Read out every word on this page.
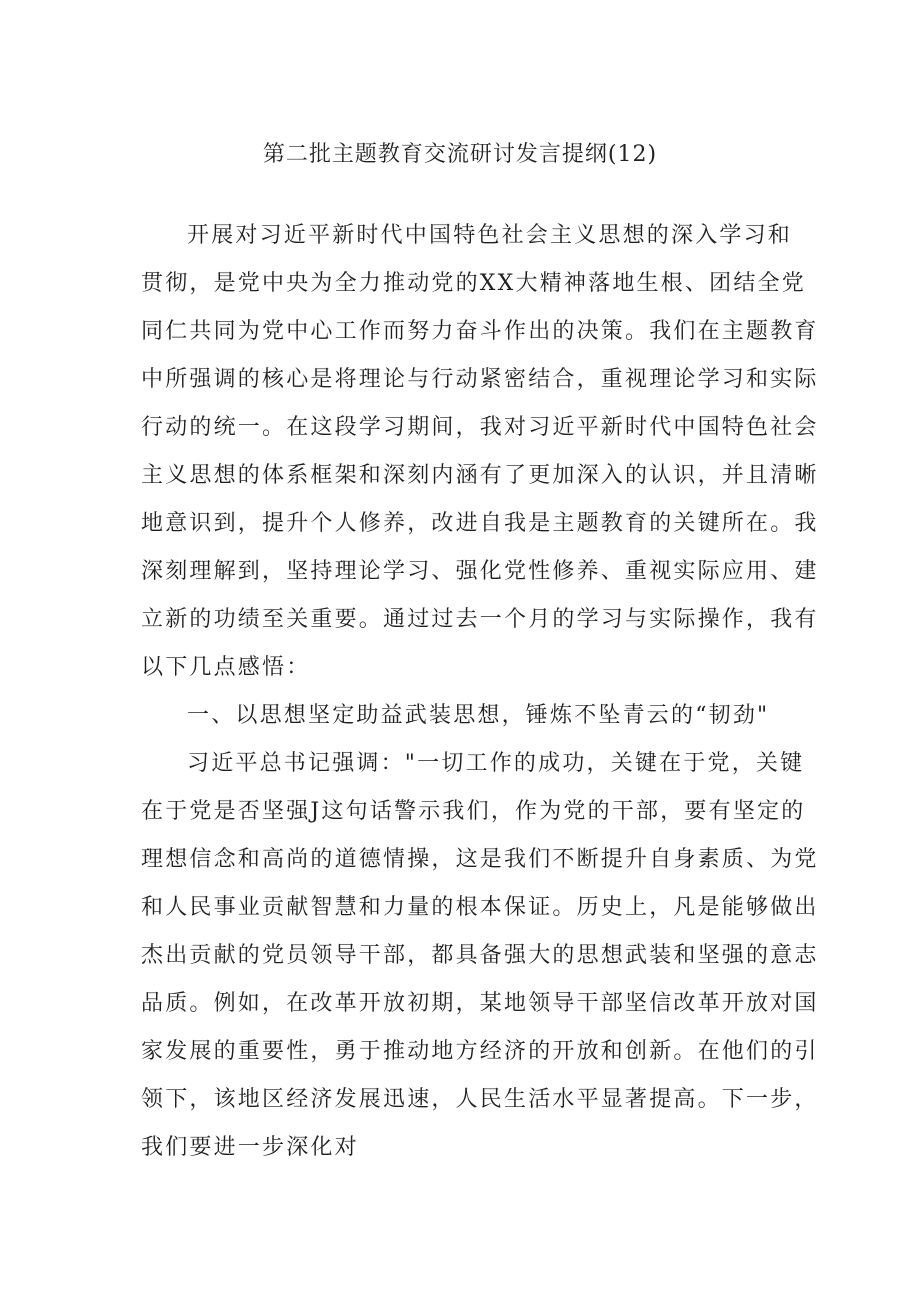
第二批主题教育交流研讨发言提纲(12)
开展对习近平新时代中国特色社会主义思想的深入学习和
贯彻，是党中央为全力推动党的XX大精神落地生根、团结全党
同仁共同为党中心工作而努力奋斗作出的决策。我们在主题教育
中所强调的核心是将理论与行动紧密结合，重视理论学习和实际
行动的统一。在这段学习期间，我对习近平新时代中国特色社会
主义思想的体系框架和深刻内涵有了更加深入的认识，并且清晰
地意识到，提升个人修养，改进自我是主题教育的关键所在。我
深刻理解到，坚持理论学习、强化党性修养、重视实际应用、建
立新的功绩至关重要。通过过去一个月的学习与实际操作，我有
以下几点感悟：
一、以思想坚定助益武装思想，锤炼不坠青云的“韧劲"
习近平总书记强调："一切工作的成功，关键在于党，关键
在于党是否坚强J这句话警示我们，作为党的干部，要有坚定的
理想信念和高尚的道德情操，这是我们不断提升自身素质、为党
和人民事业贡献智慧和力量的根本保证。历史上，凡是能够做出
杰出贡献的党员领导干部，都具备强大的思想武装和坚强的意志
品质。例如，在改革开放初期，某地领导干部坚信改革开放对国
家发展的重要性，勇于推动地方经济的开放和创新。在他们的引
领下，该地区经济发展迅速，人民生活水平显著提高。下一步，
我们要进一步深化对
